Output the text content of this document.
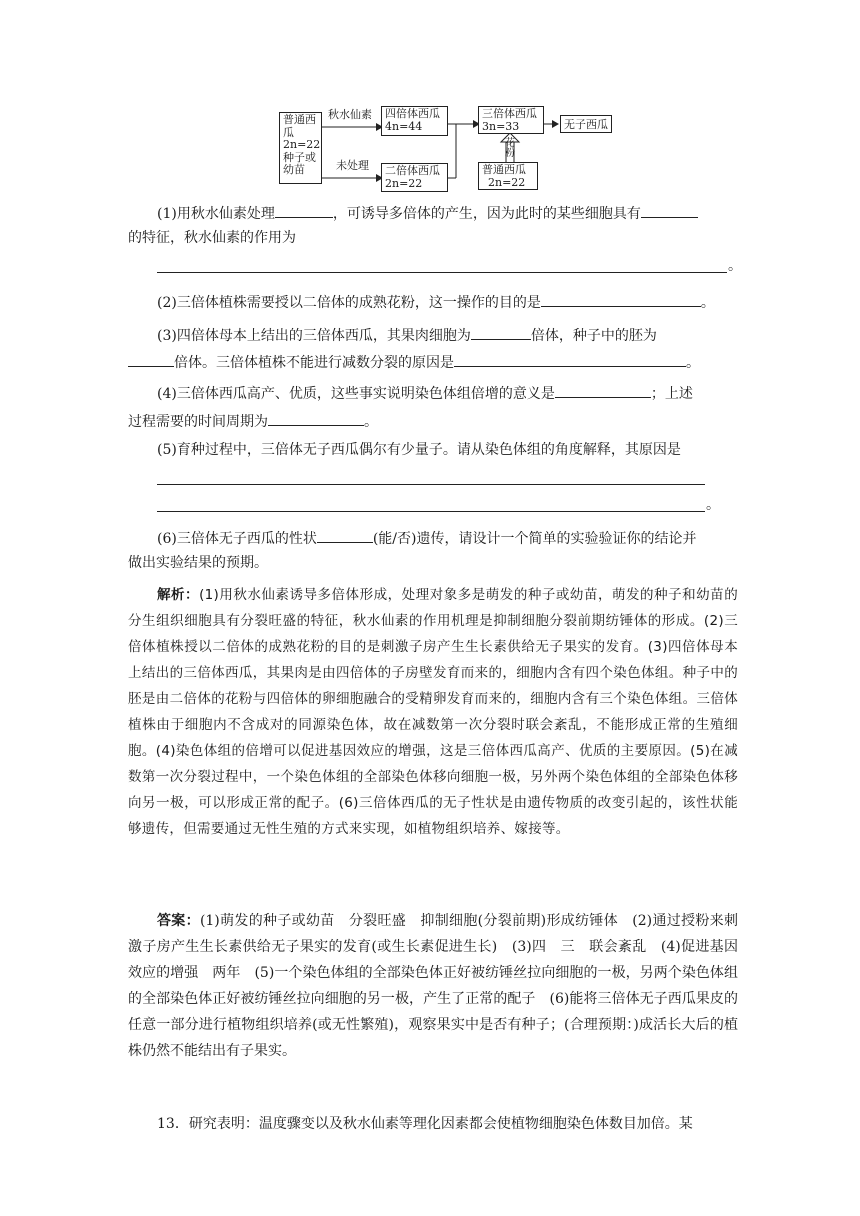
普通西
瓜
2n=22
种子或
幼苗
秋水仙素
未处理
四倍体西瓜
4n=44
二倍体西瓜
2n=22
三倍体西瓜
3n=33
花
粉
普通西瓜
2n=22
无子西瓜
(1)用秋水仙素处理	，可诱导多倍体的产生，因为此时的某些细胞具有
的特征，秋水仙素的作用为
。
(2)三倍体植株需要授以二倍体的成熟花粉，这一操作的目的是	。
(3)四倍体母本上结出的三倍体西瓜，其果肉细胞为	倍体，种子中的胚为
倍体。三倍体植株不能进行减数分裂的原因是	。
(4)三倍体西瓜高产、优质，这些事实说明染色体组倍增的意义是	；上述
过程需要的时间周期为	。
(5)育种过程中，三倍体无子西瓜偶尔有少量子。请从染色体组的角度解释，其原因是
。
(6)三倍体无子西瓜的性状	(能/否)遗传，请设计一个简单的实验验证你的结论并
做出实验结果的预期。
解析：(1)用秋水仙素诱导多倍体形成，处理对象多是萌发的种子或幼苗，萌发的种子和幼苗的分生组织细胞具有分裂旺盛的特征，秋水仙素的作用机理是抑制细胞分裂前期纺锤体的形成。(2)三倍体植株授以二倍体的成熟花粉的目的是刺激子房产生生长素供给无子果实的发育。(3)四倍体母本上结出的三倍体西瓜，其果肉是由四倍体的子房壁发育而来的，细胞内含有四个染色体组。种子中的胚是由二倍体的花粉与四倍体的卵细胞融合的受精卵发育而来的，细胞内含有三个染色体组。三倍体植株由于细胞内不含成对的同源染色体，故在减数第一次分裂时联会紊乱，不能形成正常的生殖细胞。(4)染色体组的倍增可以促进基因效应的增强，这是三倍体西瓜高产、优质的主要原因。(5)在减数第一次分裂过程中，一个染色体组的全部染色体移向细胞一极，另外两个染色体组的全部染色体移向另一极，可以形成正常的配子。(6)三倍体西瓜的无子性状是由遗传物质的改变引起的，该性状能够遗传，但需要通过无性生殖的方式来实现，如植物组织培养、嫁接等。
答案：(1)萌发的种子或幼苗　分裂旺盛　抑制细胞(分裂前期)形成纺锤体　(2)通过授粉来刺激子房产生生长素供给无子果实的发育(或生长素促进生长)　(3)四　三　联会紊乱　(4)促进基因效应的增强　两年　(5)一个染色体组的全部染色体正好被纺锤丝拉向细胞的一极，另两个染色体组的全部染色体正好被纺锤丝拉向细胞的另一极，产生了正常的配子　(6)能将三倍体无子西瓜果皮的任意一部分进行植物组织培养(或无性繁殖)，观察果实中是否有种子；(合理预期：)成活长大后的植株仍然不能结出有子果实。
13．研究表明：温度骤变以及秋水仙素等理化因素都会使植物细胞染色体数目加倍。某
